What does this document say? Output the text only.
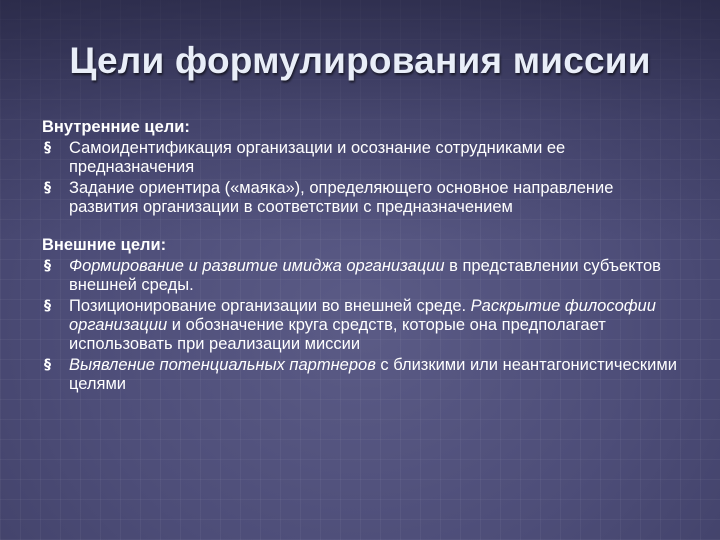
Цели формулирования миссии
Внутренние цели:
§ Самоидентификация организации и осознание сотрудниками ее предназначения
§ Задание ориентира («маяка»), определяющего основное направление развития организации в соответствии с предназначением
Внешние цели:
§ Формирование и развитие имиджа организации в представлении субъектов внешней среды.
§ Позиционирование организации во внешней среде. Раскрытие философии организации и обозначение круга средств, которые она предполагает использовать при реализации миссии
§ Выявление потенциальных партнеров с близкими или неантагонистическими целями
